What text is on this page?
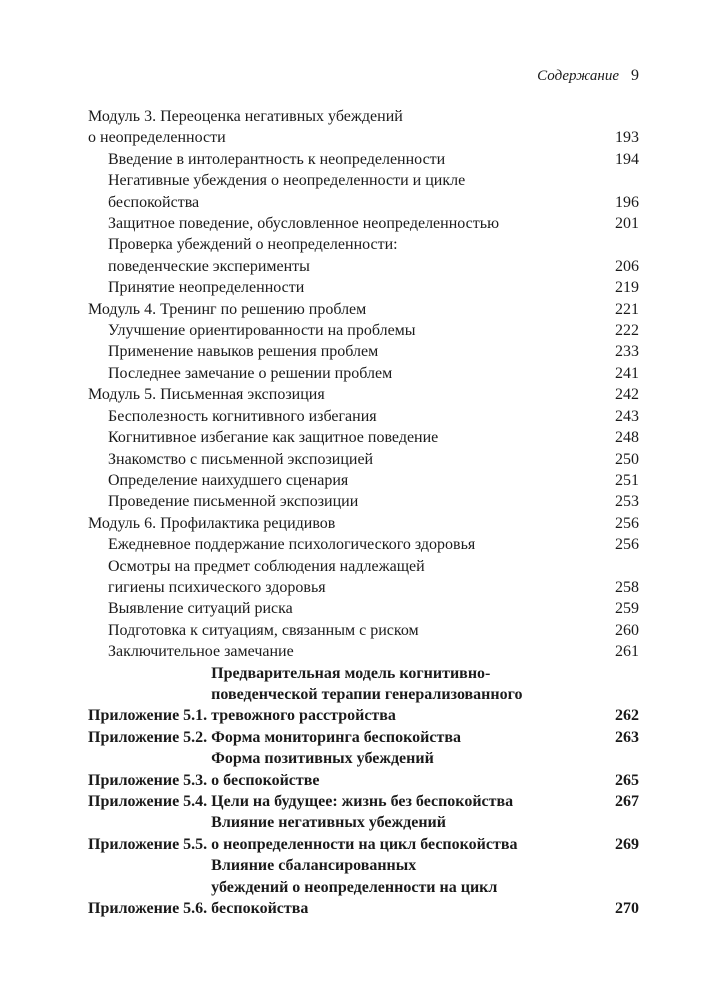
Содержание 9
Модуль 3. Переоценка негативных убеждений
о неопределенности	193
Введение в интолерантность к неопределенности	194
Негативные убеждения о неопределенности и цикле
беспокойства	196
Защитное поведение, обусловленное неопределенностью	201
Проверка убеждений о неопределенности:
поведенческие эксперименты	206
Принятие неопределенности	219
Модуль 4. Тренинг по решению проблем	221
Улучшение ориентированности на проблемы	222
Применение навыков решения проблем	233
Последнее замечание о решении проблем	241
Модуль 5. Письменная экспозиция	242
Бесполезность когнитивного избегания	243
Когнитивное избегание как защитное поведение	248
Знакомство с письменной экспозицией	250
Определение наихудшего сценария	251
Проведение письменной экспозиции	253
Модуль 6. Профилактика рецидивов	256
Ежедневное поддержание психологического здоровья	256
Осмотры на предмет соблюдения надлежащей
гигиены психического здоровья	258
Выявление ситуаций риска	259
Подготовка к ситуациям, связанным с риском	260
Заключительное замечание	261
Приложение 5.1.
Предварительная модель когнитивно-
поведенческой терапии генерализованного
тревожного расстройства	262
Приложение 5.2. Форма мониторинга беспокойства	263
Приложение 5.3.
Форма позитивных убеждений
о беспокойстве	265
Приложение 5.4. Цели на будущее: жизнь без беспокойства	267
Приложение 5.5.
Влияние негативных убеждений
о неопределенности на цикл беспокойства	269
Приложение 5.6.
Влияние сбалансированных
убеждений о неопределенности на цикл
беспокойства	270
